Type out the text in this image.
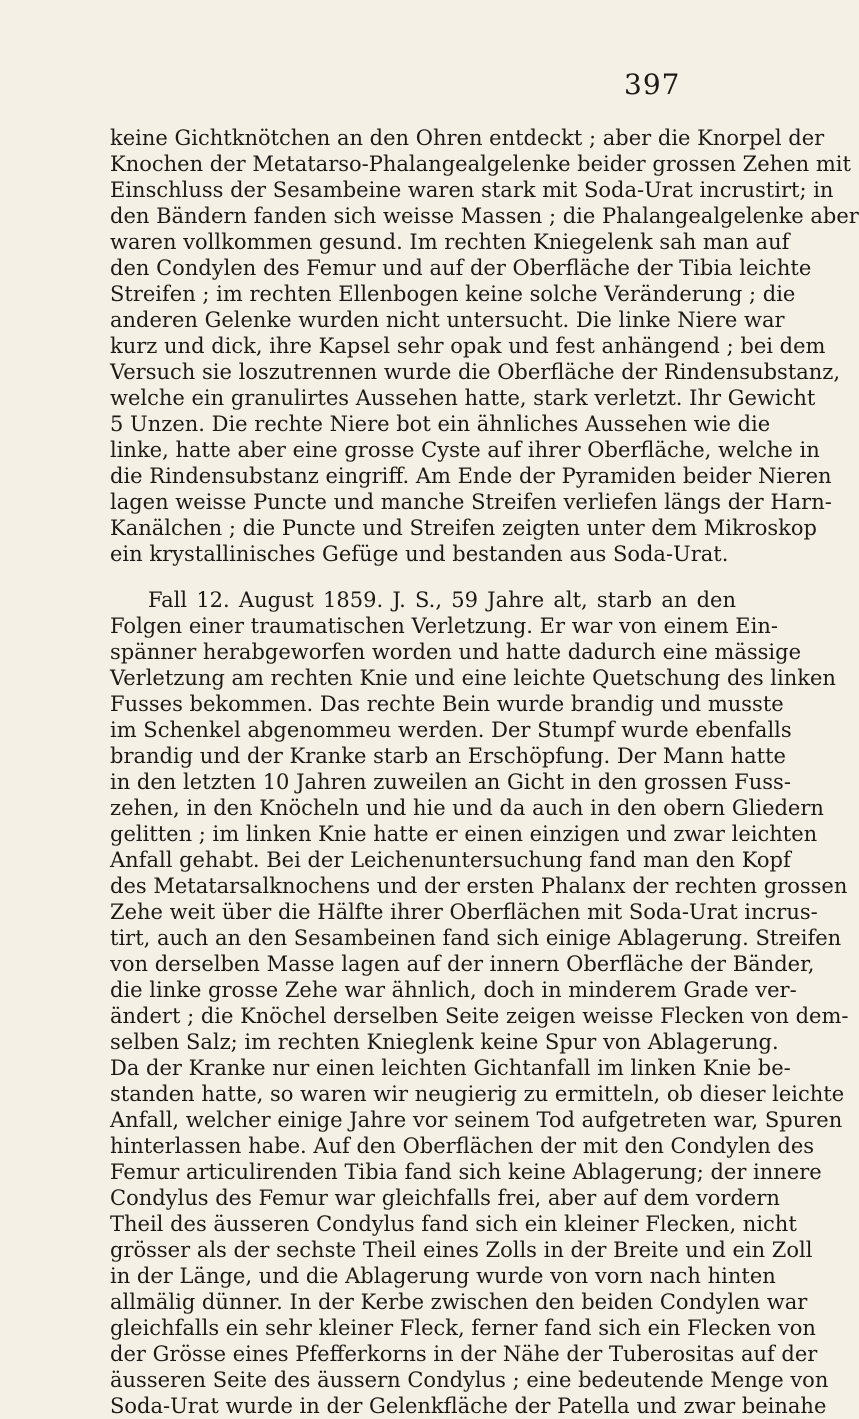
397
keine Gichtknötchen an den Ohren entdeckt ; aber die Knorpel der
Knochen der Metatarso-Phalangealgelenke beider grossen Zehen mit
Einschluss der Sesambeine waren stark mit Soda-Urat incrustirt; in
den Bändern fanden sich weisse Massen ; die Phalangealgelenke aber
waren vollkommen gesund. Im rechten Kniegelenk sah man auf
den Condylen des Femur und auf der Oberfläche der Tibia leichte
Streifen ; im rechten Ellenbogen keine solche Veränderung ; die
anderen Gelenke wurden nicht untersucht. Die linke Niere war
kurz und dick, ihre Kapsel sehr opak und fest anhängend ; bei dem
Versuch sie loszutrennen wurde die Oberfläche der Rindensubstanz,
welche ein granulirtes Aussehen hatte, stark verletzt. Ihr Gewicht
5 Unzen. Die rechte Niere bot ein ähnliches Aussehen wie die
linke, hatte aber eine grosse Cyste auf ihrer Oberfläche, welche in
die Rindensubstanz eingriff. Am Ende der Pyramiden beider Nieren
lagen weisse Puncte und manche Streifen verliefen längs der Harn-
Kanälchen ; die Puncte und Streifen zeigten unter dem Mikroskop
ein krystallinisches Gefüge und bestanden aus Soda-Urat.
Fall 12. August 1859. J. S., 59 Jahre alt, starb an den
Folgen einer traumatischen Verletzung. Er war von einem Ein-
spänner herabgeworfen worden und hatte dadurch eine mässige
Verletzung am rechten Knie und eine leichte Quetschung des linken
Fusses bekommen. Das rechte Bein wurde brandig und musste
im Schenkel abgenommeu werden. Der Stumpf wurde ebenfalls
brandig und der Kranke starb an Erschöpfung. Der Mann hatte
in den letzten 10 Jahren zuweilen an Gicht in den grossen Fuss-
zehen, in den Knöcheln und hie und da auch in den obern Gliedern
gelitten ; im linken Knie hatte er einen einzigen und zwar leichten
Anfall gehabt. Bei der Leichenuntersuchung fand man den Kopf
des Metatarsalknochens und der ersten Phalanx der rechten grossen
Zehe weit über die Hälfte ihrer Oberflächen mit Soda-Urat incrus-
tirt, auch an den Sesambeinen fand sich einige Ablagerung. Streifen
von derselben Masse lagen auf der innern Oberfläche der Bänder,
die linke grosse Zehe war ähnlich, doch in minderem Grade ver-
ändert ; die Knöchel derselben Seite zeigen weisse Flecken von dem-
selben Salz; im rechten Knieglenk keine Spur von Ablagerung.
Da der Kranke nur einen leichten Gichtanfall im linken Knie be-
standen hatte, so waren wir neugierig zu ermitteln, ob dieser leichte
Anfall, welcher einige Jahre vor seinem Tod aufgetreten war, Spuren
hinterlassen habe. Auf den Oberflächen der mit den Condylen des
Femur articulirenden Tibia fand sich keine Ablagerung; der innere
Condylus des Femur war gleichfalls frei, aber auf dem vordern
Theil des äusseren Condylus fand sich ein kleiner Flecken, nicht
grösser als der sechste Theil eines Zolls in der Breite und ein Zoll
in der Länge, und die Ablagerung wurde von vorn nach hinten
allmälig dünner. In der Kerbe zwischen den beiden Condylen war
gleichfalls ein sehr kleiner Fleck, ferner fand sich ein Flecken von
der Grösse eines Pfefferkorns in der Nähe der Tuberositas auf der
äusseren Seite des äussern Condylus ; eine bedeutende Menge von
Soda-Urat wurde in der Gelenkfläche der Patella und zwar beinahe
